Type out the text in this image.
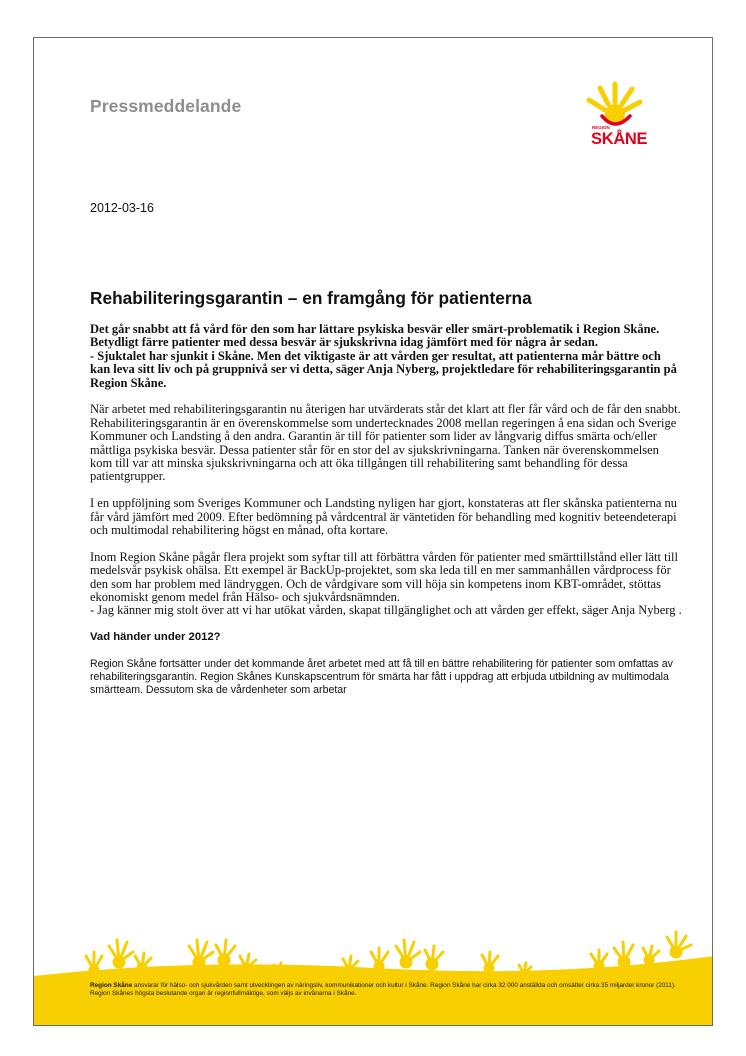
Pressmeddelande
REGION
SKÅNE
2012-03-16
Rehabiliteringsgarantin – en framgång för patienterna

Det går snabbt att få vård för den som har lättare psykiska besvär eller smärt-problematik i Region Skåne. Betydligt färre patienter med dessa besvär är sjukskrivna idag jämfört med för några år sedan.

- Sjuktalet har sjunkit i Skåne. Men det viktigaste är att vården ger resultat, att patienterna mår bättre och kan leva sitt liv och på gruppnivå ser vi detta, säger Anja Nyberg, projektledare för rehabiliteringsgarantin på Region Skåne.

När arbetet med rehabiliteringsgarantin nu återigen har utvärderats står det klart att fler får vård och de får den snabbt. Rehabiliteringsgarantin är en överenskommelse som undertecknades 2008 mellan regeringen å ena sidan och Sverige Kommuner och Landsting å den andra. Garantin är till för patienter som lider av långvarig diffus smärta och/eller måttliga psykiska besvär. Dessa patienter står för en stor del av sjukskrivningarna. Tanken när överenskommelsen kom till var att minska sjukskrivningarna och att öka tillgången till rehabilitering samt behandling för dessa patientgrupper.

I en uppföljning som Sveriges Kommuner och Landsting nyligen har gjort, konstateras att fler skånska patienterna nu får vård jämfört med 2009. Efter bedömning på vårdcentral är väntetiden för behandling med kognitiv beteendeterapi och multimodal rehabilitering högst en månad, ofta kortare.

Inom Region Skåne pågår flera projekt som syftar till att förbättra vården för patienter med smärttillstånd eller lätt till medelsvår psykisk ohälsa. Ett exempel är BackUp-projektet, som ska leda till en mer sammanhållen vårdprocess för den som har problem med ländryggen. Och de vårdgivare som vill höja sin kompetens inom KBT-området, stöttas ekonomiskt genom medel från Hälso- och sjukvårdsnämnden.

- Jag känner mig stolt över att vi har utökat vården, skapat tillgänglighet och att vården ger effekt, säger Anja Nyberg .

Vad händer under 2012?

Region Skåne fortsätter under det kommande året arbetet med att få till en bättre rehabilitering för patienter som omfattas av rehabiliteringsgarantin. Region Skånes Kunskapscentrum för smärta har fått i uppdrag att erbjuda utbildning av multimodala smärtteam. Dessutom ska de vårdenheter som arbetar

Region Skåne ansvarar för hälso- och sjukvården samt utvecklingen av näringsliv, kommunikationer och kultur i Skåne. Region Skåne har cirka 32 000 anställda och omsätter cirka 35 miljarder kronor (2011). Region Skånes högsta beslutande organ är regionfullmäktige, som väljs av invånarna i Skåne.
